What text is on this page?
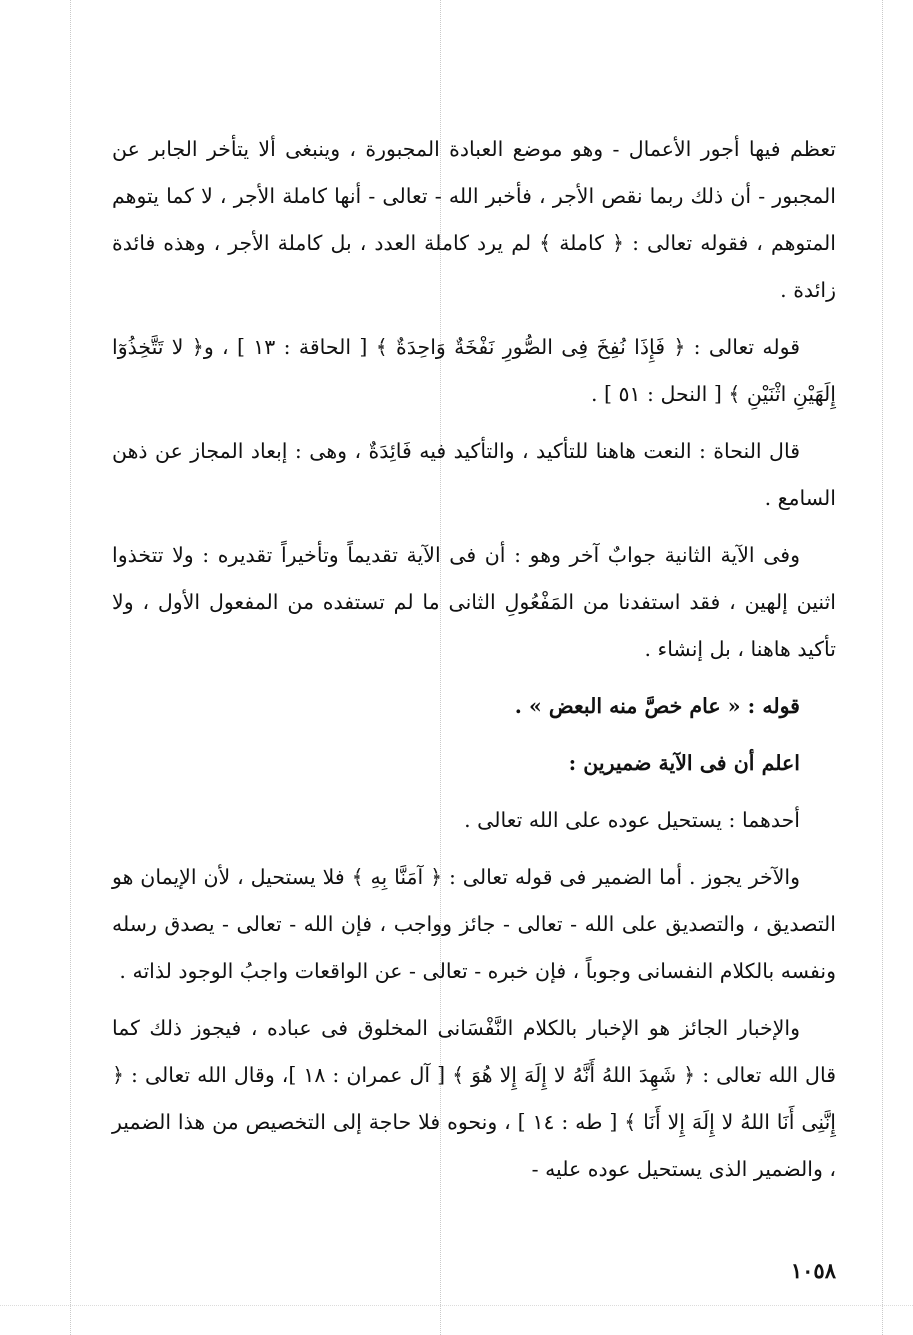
تعظم فيها أجور الأعمال - وهو موضع العبادة المجبورة ، وينبغى ألا يتأخر الجابر عن المجبور - أن ذلك ربما نقص الأجر ، فأخبر الله - تعالى - أنها كاملة الأجر ، لا كما يتوهم المتوهم ، فقوله تعالى : ﴿ كاملة ﴾ لم يرد كاملة العدد ، بل كاملة الأجر ، وهذه فائدة زائدة .

قوله تعالى : ﴿ فَإِذَا نُفِخَ فِى الصُّورِ نَفْخَةٌ وَاحِدَةٌ ﴾ [ الحاقة : ١٣ ] ، و﴿ لا تَتَّخِذُوٓا إِلَهَيْنِ اثْنَيْنِ ﴾ [ النحل : ٥١ ] .

قال النحاة : النعت هاهنا للتأكيد ، والتأكيد فيه فَائِدَةٌ ، وهى : إبعاد المجاز عن ذهن السامع .

وفى الآية الثانية جوابٌ آخر وهو : أن فى الآية تقديماً وتأخيراً تقديره : ولا تتخذوا اثنين إلهين ، فقد استفدنا من المَفْعُولِ الثانى ما لم تستفده من المفعول الأول ، ولا تأكيد هاهنا ، بل إنشاء .

قوله : « عام خصَّ منه البعض » .

اعلم أن فى الآية ضميرين :

أحدهما : يستحيل عوده على الله تعالى .

والآخر يجوز . أما الضمير فى قوله تعالى : ﴿ آمَنَّا بِهِ ﴾ فلا يستحيل ، لأن الإيمان هو التصديق ، والتصديق على الله - تعالى - جائز وواجب ، فإن الله - تعالى - يصدق رسله ونفسه بالكلام النفسانى وجوباً ، فإن خبره - تعالى - عن الواقعات واجبُ الوجود لذاته .

والإخبار الجائز هو الإخبار بالكلام النَّفْسَانى المخلوق فى عباده ، فيجوز ذلك كما قال الله تعالى : ﴿ شَهِدَ اللهُ أَنَّهُ لا إِلَهَ إِلا هُوَ ﴾ [ آل عمران : ١٨ ]، وقال الله تعالى : ﴿ إِنَّنِى أَنَا اللهُ لا إِلَهَ إِلا أَنَا ﴾ [ طه : ١٤ ] ، ونحوه فلا حاجة إلى التخصيص من هذا الضمير ، والضمير الذى يستحيل عوده عليه -

١٠٥٨
